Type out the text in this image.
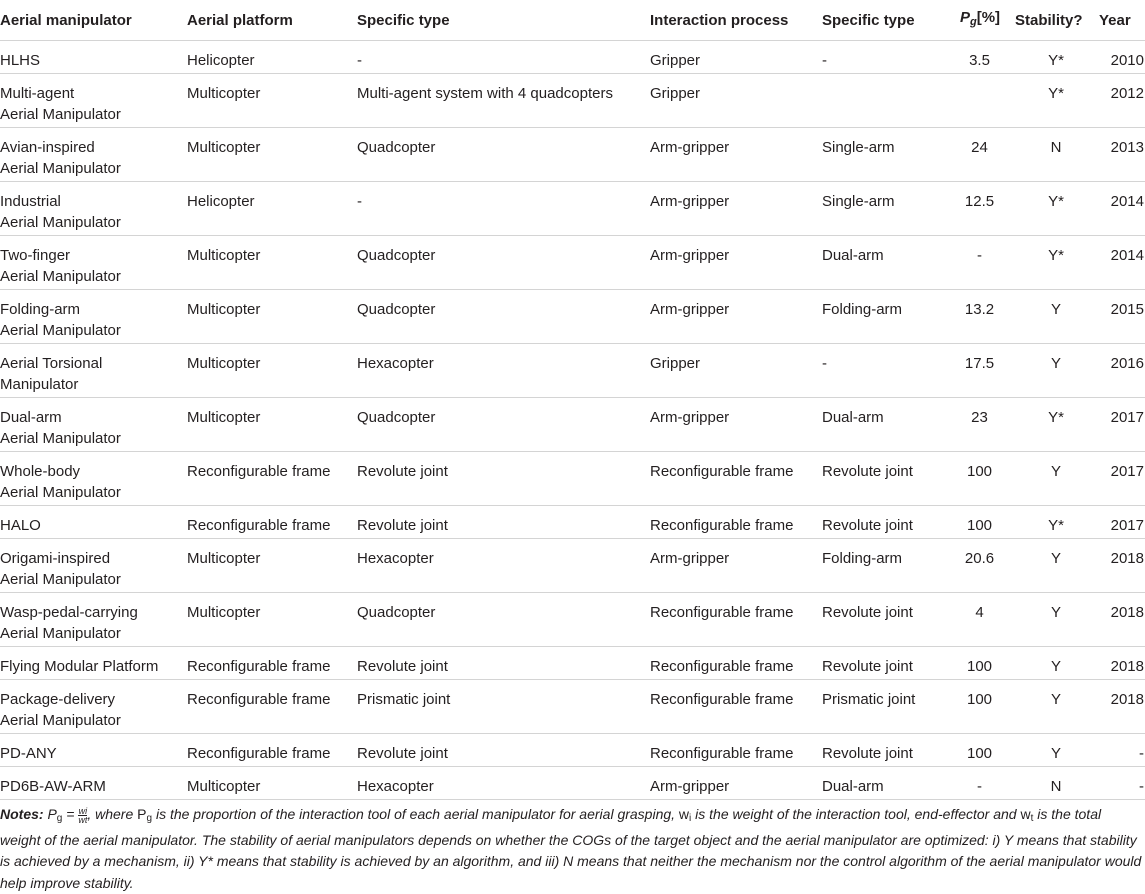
Aerial manipulator	Aerial platform	Specific type	Interaction process	Specific type	$P_g[\%]$	Stability?	Year
HLHS	Helicopter	-	Gripper	-	3.5	Y*	2010
Multi-agent
Aerial Manipulator	Multicopter	Multi-agent system with 4 quadcopters	Gripper			Y*	2012
Avian-inspired
Aerial Manipulator	Multicopter	Quadcopter	Arm-gripper	Single-arm	24	N	2013
Industrial
Aerial Manipulator	Helicopter	-	Arm-gripper	Single-arm	12.5	Y*	2014
Two-finger
Aerial Manipulator	Multicopter	Quadcopter	Arm-gripper	Dual-arm	-	Y*	2014
Folding-arm
Aerial Manipulator	Multicopter	Quadcopter	Arm-gripper	Folding-arm	13.2	Y	2015
Aerial Torsional
Manipulator	Multicopter	Hexacopter	Gripper	-	17.5	Y	2016
Dual-arm
Aerial Manipulator	Multicopter	Quadcopter	Arm-gripper	Dual-arm	23	Y*	2017
Whole-body
Aerial Manipulator	Reconfigurable frame	Revolute joint	Reconfigurable frame	Revolute joint	100	Y	2017
HALO	Reconfigurable frame	Revolute joint	Reconfigurable frame	Revolute joint	100	Y*	2017
Origami-inspired
Aerial Manipulator	Multicopter	Hexacopter	Arm-gripper	Folding-arm	20.6	Y	2018
Wasp-pedal-carrying
Aerial Manipulator	Multicopter	Quadcopter	Reconfigurable frame	Revolute joint	4	Y	2018
Flying Modular Platform	Reconfigurable frame	Revolute joint	Reconfigurable frame	Revolute joint	100	Y	2018
Package-delivery
Aerial Manipulator	Reconfigurable frame	Prismatic joint	Reconfigurable frame	Prismatic joint	100	Y	2018
PD-ANY	Reconfigurable frame	Revolute joint	Reconfigurable frame	Revolute joint	100	Y	-
PD6B-AW-ARM	Multicopter	Hexacopter	Arm-gripper	Dual-arm	-	N	-
Notes: $Pg = \frac{wi}{wt}$ , where Pg is the proportion of the interaction tool of each aerial manipulator for aerial grasping, wi is the weight of the interaction tool, end-effector and wt is the total weight of the aerial manipulator. The stability of aerial manipulators depends on whether the COGs of the target object and the aerial manipulator are optimized: i) Y means that stability is achieved by a mechanism, ii) Y* means that stability is achieved by an algorithm, and iii) N means that neither the mechanism nor the control algorithm of the aerial manipulator would help improve stability.
